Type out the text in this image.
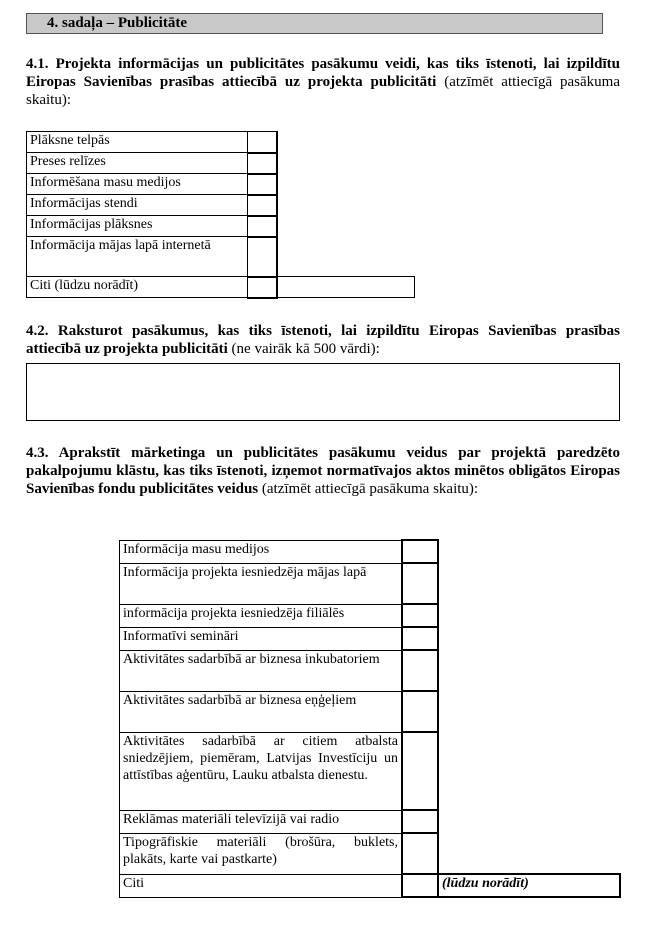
4. sadaļa – Publicitāte
4.1. Projekta informācijas un publicitātes pasākumu veidi, kas tiks īstenoti, lai izpildītu Eiropas Savienības prasības attiecībā uz projekta publicitāti (atzīmēt attiecīgā pasākuma skaitu):
Plāksne telpās		
Preses relīzes		
Informēšana masu medijos		
Informācijas stendi		
Informācijas plāksnes		
Informācija mājas lapā internetā		
Citi (lūdzu norādīt)		
4.2. Raksturot pasākumus, kas tiks īstenoti, lai izpildītu Eiropas Savienības prasības attiecībā uz projekta publicitāti (ne vairāk kā 500 vārdi):
4.3. Aprakstīt mārketinga un publicitātes pasākumu veidus par projektā paredzēto pakalpojumu klāstu, kas tiks īstenoti, izņemot normatīvajos aktos minētos obligātos Eiropas Savienības fondu publicitātes veidus (atzīmēt attiecīgā pasākuma skaitu):
Informācija masu medijos		
Informācija projekta iesniedzēja mājas lapā		
informācija projekta iesniedzēja filiālēs		
Informatīvi semināri		
Aktivitātes sadarbībā ar biznesa inkubatoriem		
Aktivitātes sadarbībā ar biznesa eņģeļiem		
Aktivitātes sadarbībā ar citiem atbalsta sniedzējiem, piemēram, Latvijas Investīciju un attīstības aģentūru, Lauku atbalsta dienestu.		
Reklāmas materiāli televīzijā vai radio		
Tipogrāfiskie materiāli (brošūra, buklets, plakāts, karte vai pastkarte)		
Citi		(lūdzu norādīt)
